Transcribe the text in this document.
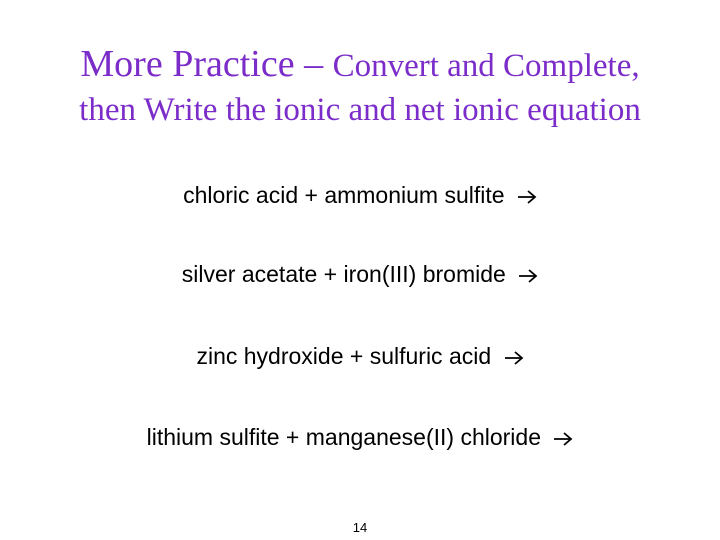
More Practice – Convert and Complete,
then Write the ionic and net ionic equation
chloric acid + ammonium sulfite
silver acetate + iron(III) bromide
zinc hydroxide + sulfuric acid
lithium sulfite + manganese(II) chloride
14
